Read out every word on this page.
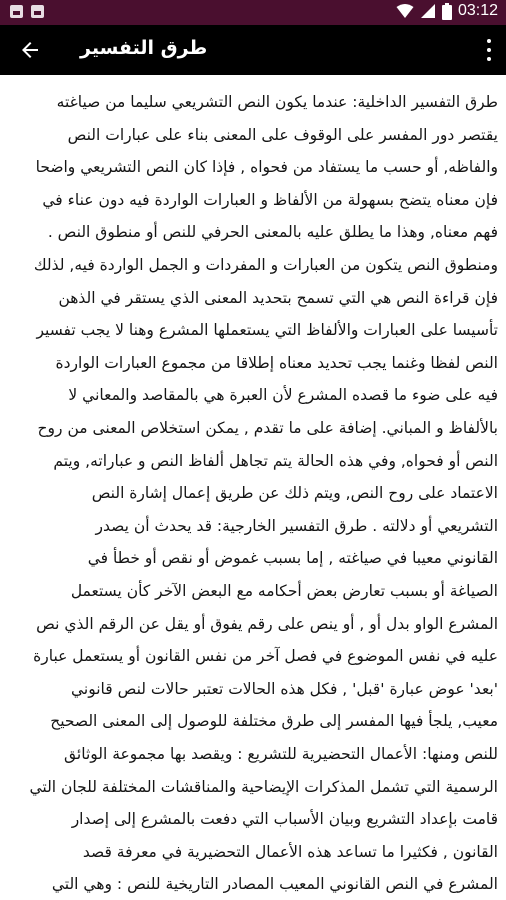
03:12
طرق التفسير
طرق التفسير الداخلية: عندما يكون النص التشريعي سليما من صياغته
يقتصر دور المفسر على الوقوف على المعنى بناء على عبارات النص
والفاظه, أو حسب ما يستفاد من فحواه , فإذا كان النص التشريعي واضحا
فإن معناه يتضح بسهولة من الألفاظ و العبارات الواردة فيه دون عناء في
فهم معناه, وهذا ما يطلق عليه بالمعنى الحرفي للنص أو منطوق النص .
ومنطوق النص يتكون من العبارات و المفردات و الجمل الواردة فيه, لذلك
فإن قراءة النص هي التي تسمح بتحديد المعنى الذي يستقر في الذهن
تأسيسا على العبارات والألفاظ التي يستعملها المشرع وهنا لا يجب تفسير
النص لفظا وغنما يجب تحديد معناه إطلاقا من مجموع العبارات الواردة
فيه على ضوء ما قصده المشرع لأن العبرة هي بالمقاصد والمعاني لا
بالألفاظ و المباني. إضافة على ما تقدم , يمكن استخلاص المعنى من روح
النص أو فحواه, وفي هذه الحالة يتم تجاهل ألفاظ النص و عباراته, ويتم
الاعتماد على روح النص, ويتم ذلك عن طريق إعمال إشارة النص
التشريعي أو دلالته . طرق التفسير الخارجية: قد يحدث أن يصدر
القانوني معيبا في صياغته , إما بسبب غموض أو نقص أو خطأ في
الصياغة أو بسبب تعارض بعض أحكامه مع البعض الآخر كأن يستعمل
المشرع الواو بدل أو , أو ينص على رقم يفوق أو يقل عن الرقم الذي نص
عليه في نفس الموضوع في فصل آخر من نفس القانون أو يستعمل عبارة
'بعد' عوض عبارة 'قبل' , فكل هذه الحالات تعتبر حالات لنص قانوني
معيب, يلجأ فيها المفسر إلى طرق مختلفة للوصول إلى المعنى الصحيح
للنص ومنها: الأعمال التحضيرية للتشريع : ويقصد بها مجموعة الوثائق
الرسمية التي تشمل المذكرات الإيضاحية والمناقشات المختلفة للجان التي
قامت بإعداد التشريع وبيان الأسباب التي دفعت بالمشرع إلى إصدار
القانون , فكثيرا ما تساعد هذه الأعمال التحضيرية في معرفة قصد
المشرع في النص القانوني المعيب المصادر التاريخية للنص : وهي التي
